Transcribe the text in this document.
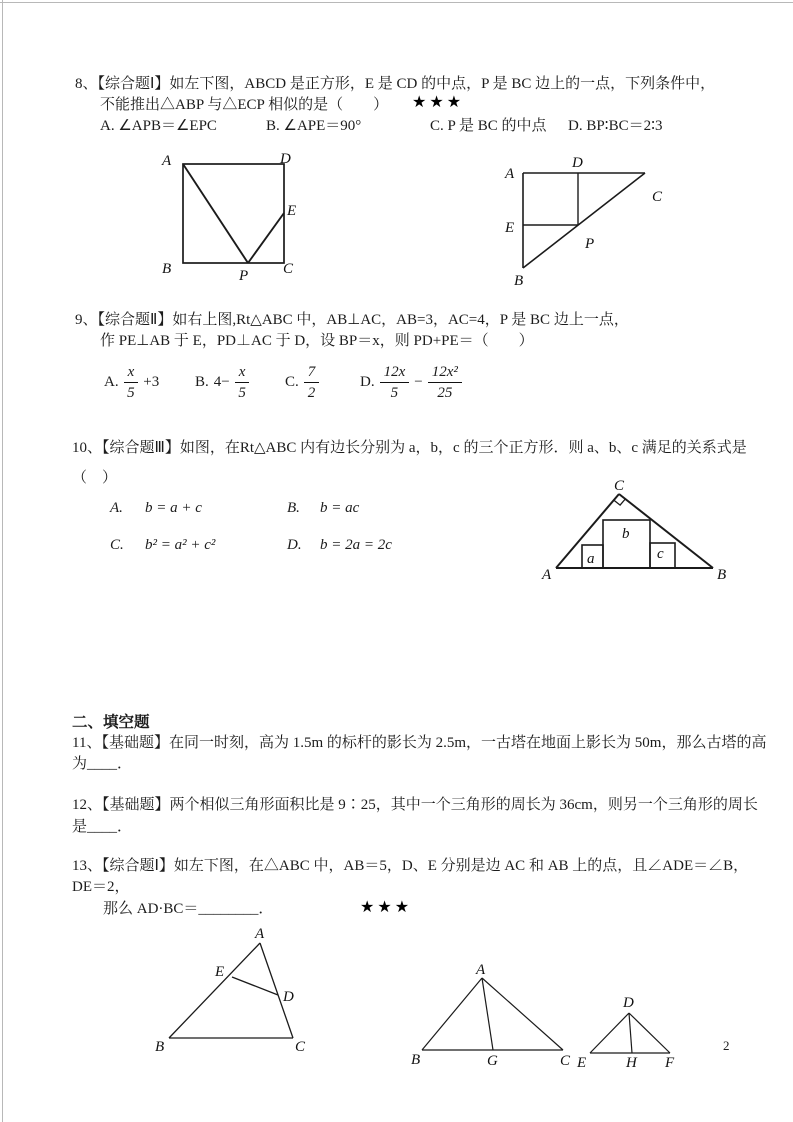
8、【综合题Ⅰ】如左下图，ABCD 是正方形，E 是 CD 的中点，P 是 BC 边上的一点，下列条件中，
不能推出△ABP 与△ECP 相似的是（　　） ★★★
A. ∠APB＝∠EPC	B. ∠APE＝90°	C. P 是 BC 的中点 D. BP∶BC＝2∶3
A	D
B	C
E
P
A
D
C
E
P
B
9、【综合题Ⅱ】如右上图,Rt△ABC 中，AB⊥AC，AB=3，AC=4，P 是 BC 边上一点，
作 PE⊥AB 于 E，PD⊥AC 于 D，设 BP＝x，则 PD+PE＝（　　）
A. $\frac{x}{5} +3$ B. $4- \frac{x}{5} C$. $\frac{7}{2}$	D. $\frac{12x}{5} - \frac{\text{12x²}}{25}$
10、【综合题Ⅲ】如图，在Rt△ABC 内有边长分别为 a，b，c 的三个正方形．则 a、b、c 满足的关系式是
（　）
A. b = a + c	B. b = ac
C. b² = a² + c²	D. b = 2a = 2c
C
A	B
b
a	c
二、填空题
11、【基础题】在同一时刻，高为 1.5m 的标杆的影长为 2.5m，一古塔在地面上影长为 50m，那么古塔的高
为____．
12、【基础题】两个相似三角形面积比是 9∶25，其中一个三角形的周长为 36cm，则另一个三角形的周长
是____．
13、【综合题Ⅰ】如左下图，在△ABC 中，AB＝5，D、E 分别是边 AC 和 AB 上的点，且∠ADE＝∠B，
DE＝2，
那么 AD·BC＝________．	★★★
A
E
D
B	C
A
B	G	C
D
E	H F
2
